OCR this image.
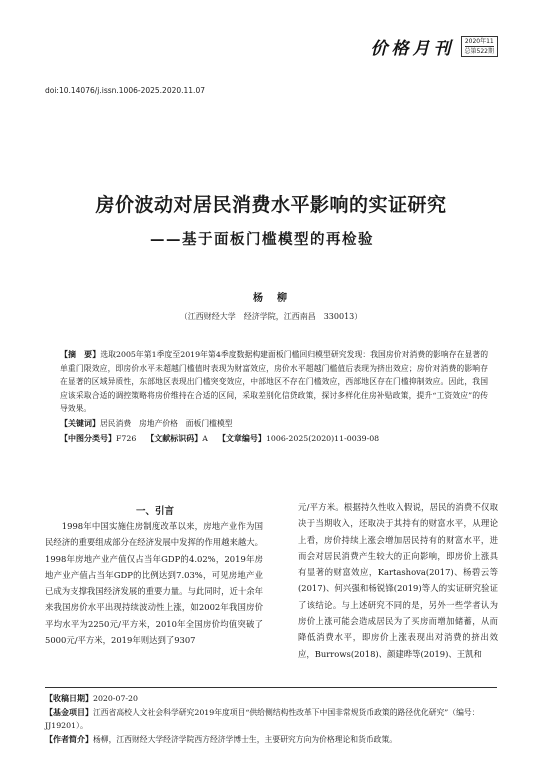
价格月刊 2020年11
总第522期
doi:10.14076/j.issn.1006-2025.2020.11.07
房价波动对居民消费水平影响的实证研究
——基于面板门槛模型的再检验
杨　柳
（江西财经大学　经济学院，江西南昌　330013）

【摘　要】选取2005年第1季度至2019年第4季度数据构建面板门槛回归模型研究发现：我国房价对消费的影响存在显著的单重门限效应，即房价水平未超越门槛值时表现为财富效应，房价水平超越门槛值后表现为挤出效应；房价对消费的影响存在显著的区域异质性，东部地区表现出门槛突变效应，中部地区不存在门槛效应，西部地区存在门槛抑制效应。因此，我国应该采取合适的调控策略将房价维持在合适的区间，采取差别化信贷政策，探讨多样化住房补贴政策，提升“工资效应”的传导效果。

【关键词】居民消费　房地产价格　面板门槛模型

【中图分类号】F726 【文献标识码】A 【文章编号】1006-2025(2020)11-0039-08

一、引言

1998年中国实施住房制度改革以来，房地产业作为国民经济的重要组成部分在经济发展中发挥的作用越来越大。1998年房地产业产值仅占当年GDP的4.02%，2019年房地产业产值占当年GDP的比例达到7.03%，可见房地产业已成为支撑我国经济发展的重要力量。与此同时，近十余年来我国房价水平出现持续波动性上涨，如2002年我国房价平均水平为2250元/平方米，2010年全国房价均值突破了5000元/平方米，2019年则达到了9307

元/平方米。根据持久性收入假说，居民的消费不仅取决于当期收入，还取决于其持有的财富水平，从理论上看，房价持续上涨会增加居民持有的财富水平，进而会对居民消费产生较大的正向影响，即房价上涨具有显著的财富效应，Kartashova(2017)、杨碧云等(2017)、何兴强和杨锐锋(2019)等人的实证研究验证了该结论。与上述研究不同的是，另外一些学者认为房价上涨可能会造成居民为了买房而增加储蓄，从而降低消费水平，即房价上涨表现出对消费的挤出效应，Burrows(2018)、颜建晔等(2019)、王凯和

【收稿日期】2020-07-20

【基金项目】江西省高校人文社会科学研究2019年度项目“供给侧结构性改革下中国非常规货币政策的路径优化研究”（编号：JJ19201）。

【作者简介】杨柳，江西财经大学经济学院西方经济学博士生，主要研究方向为价格理论和货币政策。
